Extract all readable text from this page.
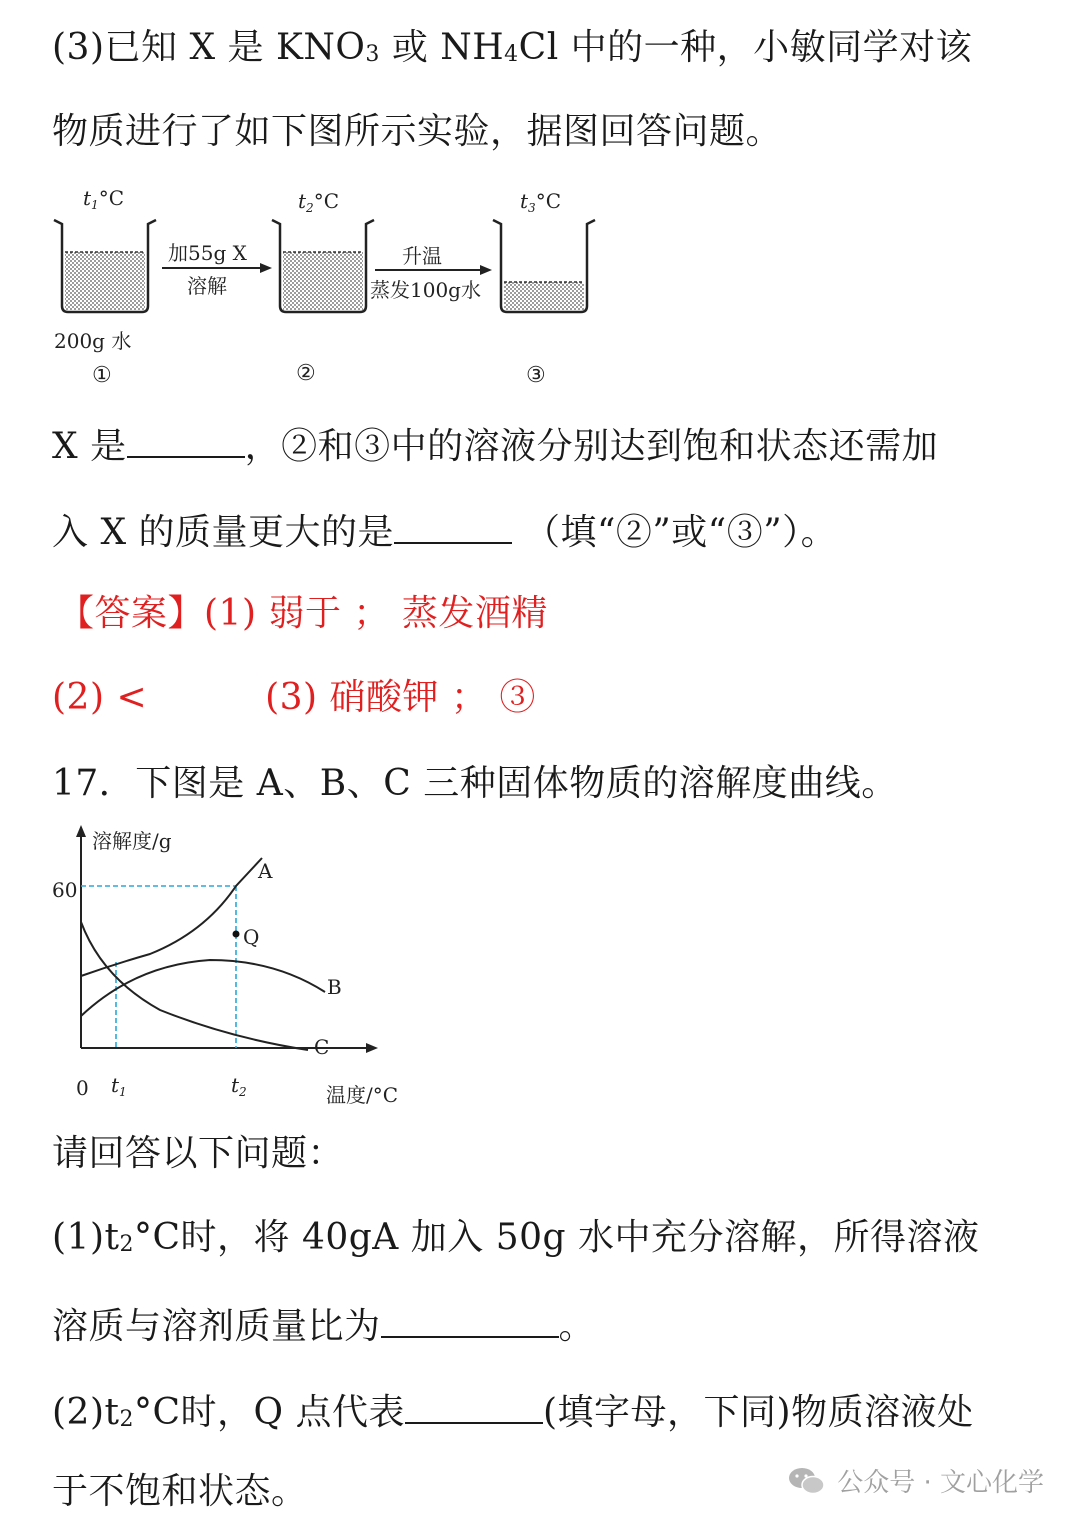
(3)已知 X 是 KNO3 或 NH4Cl 中的一种，小敏同学对该
物质进行了如下图所示实验，据图回答问题。
$t_1^\circ C$	$t_2^\circ C$	$t_3^\circ C$
加55g X
溶解
升温
蒸发100g水
200g 水
①	②	③
X 是	，②和③中的溶液分别达到饱和状态还需加
入 X 的质量更大的是	（填“②”或“③”）。
【答案】(1) 弱于 ； 蒸发酒精
(2) <	(3) 硝酸钾 ； ③
17．下图是 A、B、C 三种固体物质的溶解度曲线。
溶解度/g
温度/°C
60
0 $t_1$	$t_2$
Q
A
B
C
请回答以下问题：
(1)t2°C时，将 40gA 加入 50g 水中充分溶解，所得溶液
溶质与溶剂质量比为	。
(2)t2°C时，Q 点代表	(填字母，下同)物质溶液处
于不饱和状态。	公众号 · 文心化学
